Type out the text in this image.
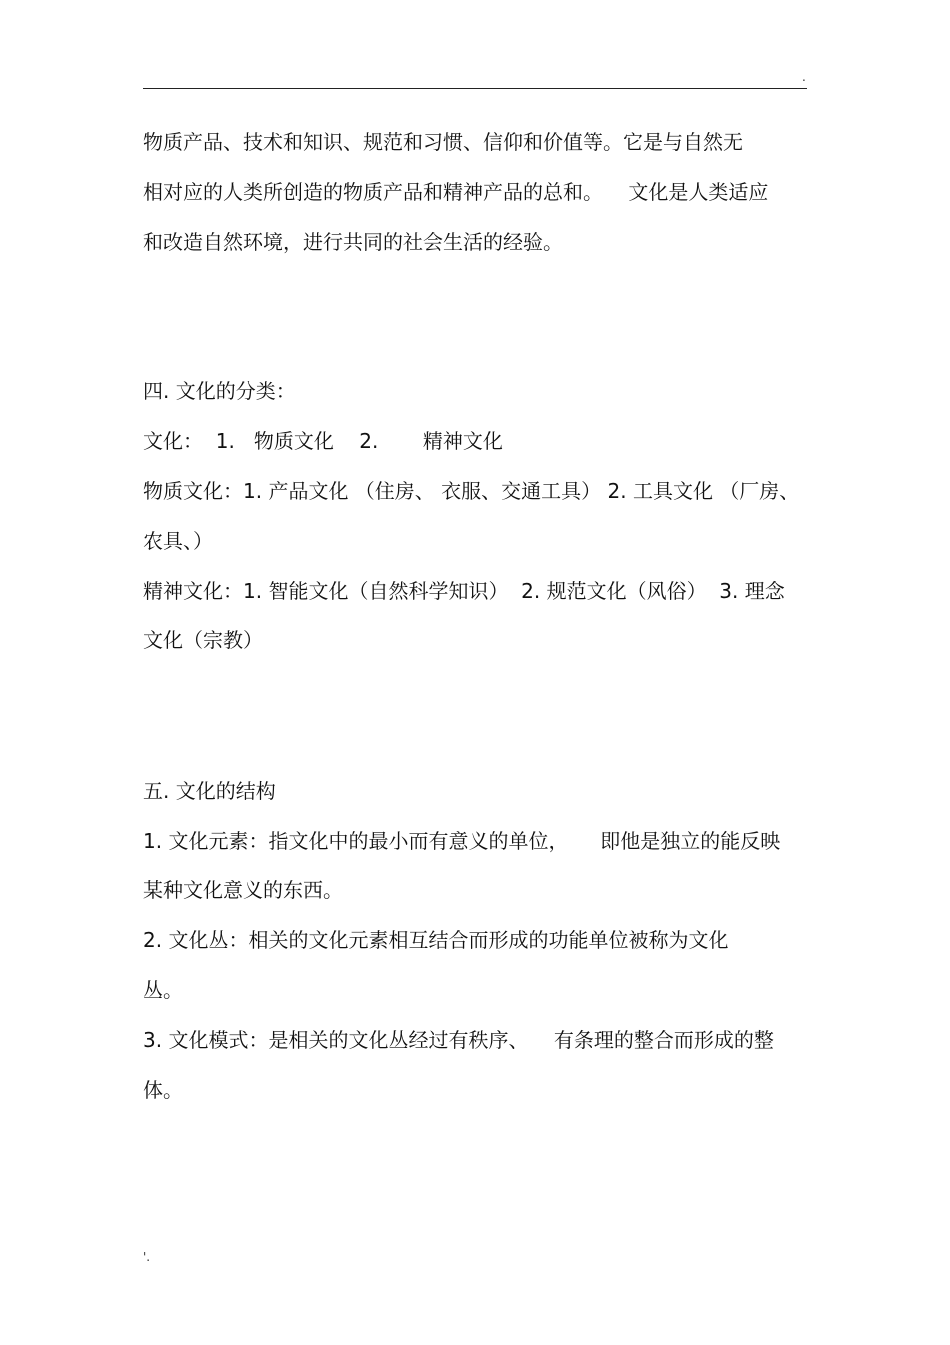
.
物质产品、技术和知识、规范和习惯、信仰和价值等。它是与自然无
相对应的人类所创造的物质产品和精神产品的总和。    文化是人类适应
和改造自然环境，进行共同的社会生活的经验。
四. 文化的分类：
文化：  1.   物质文化    2.       精神文化
物质文化：1. 产品文化 （住房、 衣服、交通工具） 2. 工具文化 （厂房、
农具、）
精神文化：1. 智能文化（自然科学知识）  2. 规范文化（风俗）  3. 理念
文化（宗教）
五. 文化的结构
1. 文化元素：指文化中的最小而有意义的单位，     即他是独立的能反映
某种文化意义的东西。
2. 文化丛：相关的文化元素相互结合而形成的功能单位被称为文化
丛。
3. 文化模式：是相关的文化丛经过有秩序、    有条理的整合而形成的整
体。
'.
